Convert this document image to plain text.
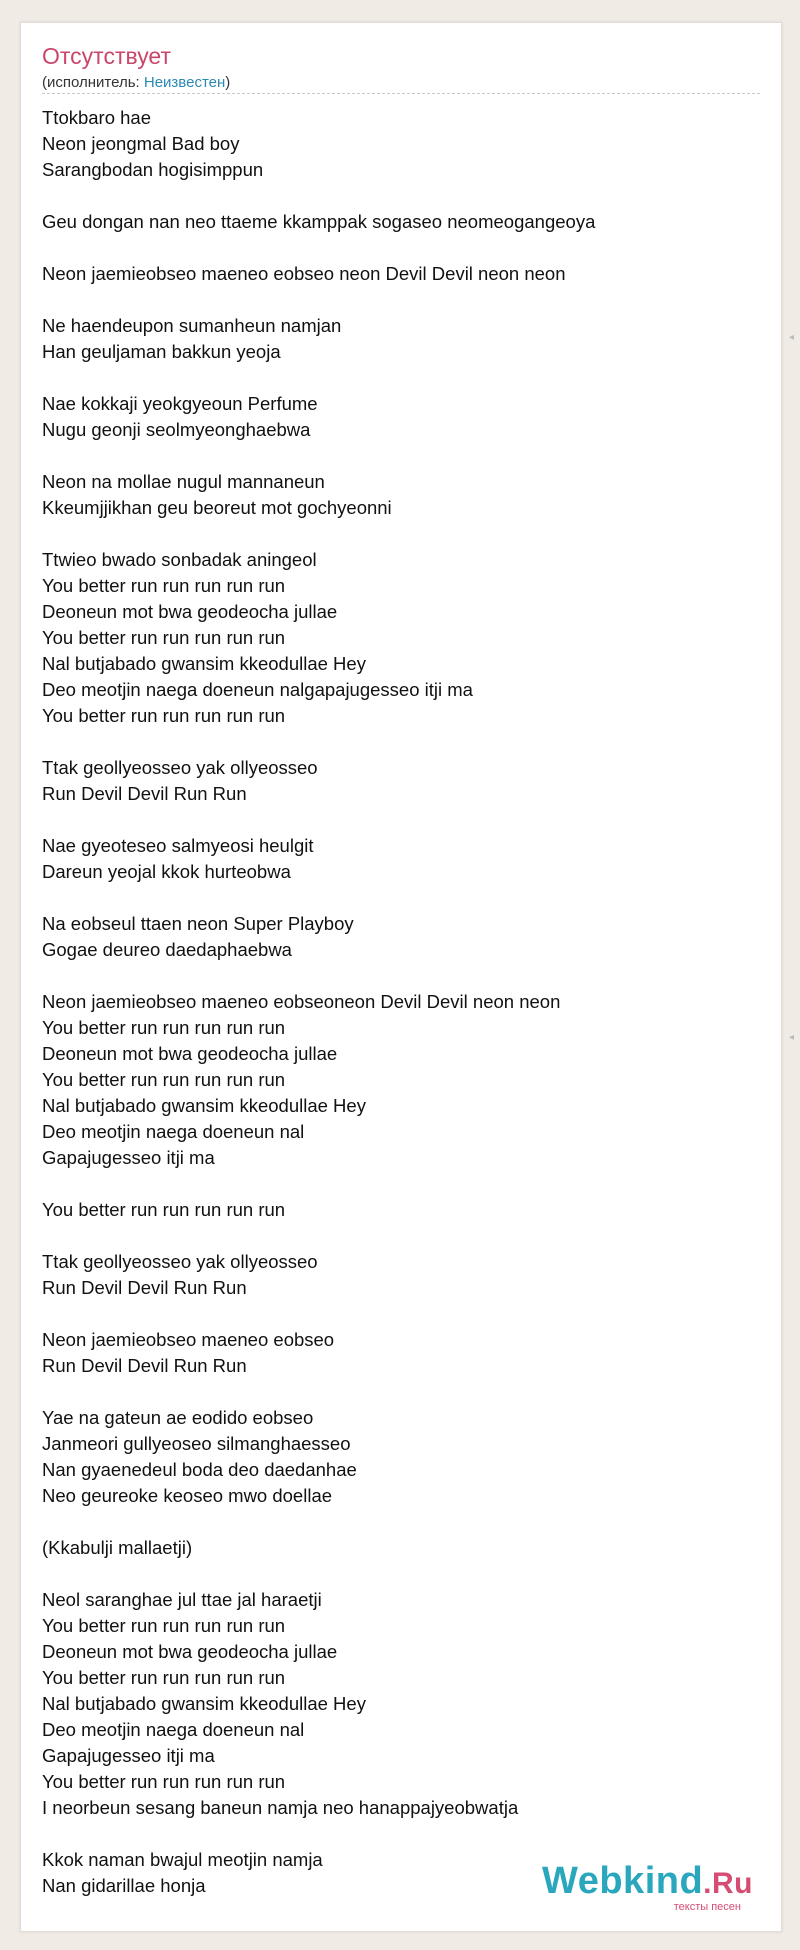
Отсутствует
(исполнитель: Неизвестен)
Ttokbaro hae
Neon jeongmal Bad boy
Sarangbodan hogisimppun
Geu dongan nan neo ttaeme kkamppak sogaseo neomeogangeoya
Neon jaemieobseo maeneo eobseo neon Devil Devil neon neon
Ne haendeupon sumanheun namjan
Han geuljaman bakkun yeoja
Nae kokkaji yeokgyeoun Perfume
Nugu geonji seolmyeonghaebwa
Neon na mollae nugul mannaneun
Kkeumjjikhan geu beoreut mot gochyeonni
Ttwieo bwado sonbadak aningeol
You better run run run run run
Deoneun mot bwa geodeocha jullae
You better run run run run run
Nal butjabado gwansim kkeodullae Hey
Deo meotjin naega doeneun nalgapajugesseo itji ma
You better run run run run run
Ttak geollyeosseo yak ollyeosseo
Run Devil Devil Run Run
Nae gyeoteseo salmyeosi heulgit
Dareun yeojal kkok hurteobwa
Na eobseul ttaen neon Super Playboy
Gogae deureo daedaphaebwa
Neon jaemieobseo maeneo eobseoneon Devil Devil neon neon
You better run run run run run
Deoneun mot bwa geodeocha jullae
You better run run run run run
Nal butjabado gwansim kkeodullae Hey
Deo meotjin naega doeneun nal
Gapajugesseo itji ma
You better run run run run run
Ttak geollyeosseo yak ollyeosseo
Run Devil Devil Run Run
Neon jaemieobseo maeneo eobseo
Run Devil Devil Run Run
Yae na gateun ae eodido eobseo
Janmeori gullyeoseo silmanghaesseo
Nan gyaenedeul boda deo daedanhae
Neo geureoke keoseo mwo doellae
(Kkabulji mallaetji)
Neol saranghae jul ttae jal haraetji
You better run run run run run
Deoneun mot bwa geodeocha jullae
You better run run run run run
Nal butjabado gwansim kkeodullae Hey
Deo meotjin naega doeneun nal
Gapajugesseo itji ma
You better run run run run run
I neorbeun sesang baneun namja neo hanappajyeobwatja
Kkok naman bwajul meotjin namja
Nan gidarillae honja	Webkind.Ru
тексты песен
◂
◂
